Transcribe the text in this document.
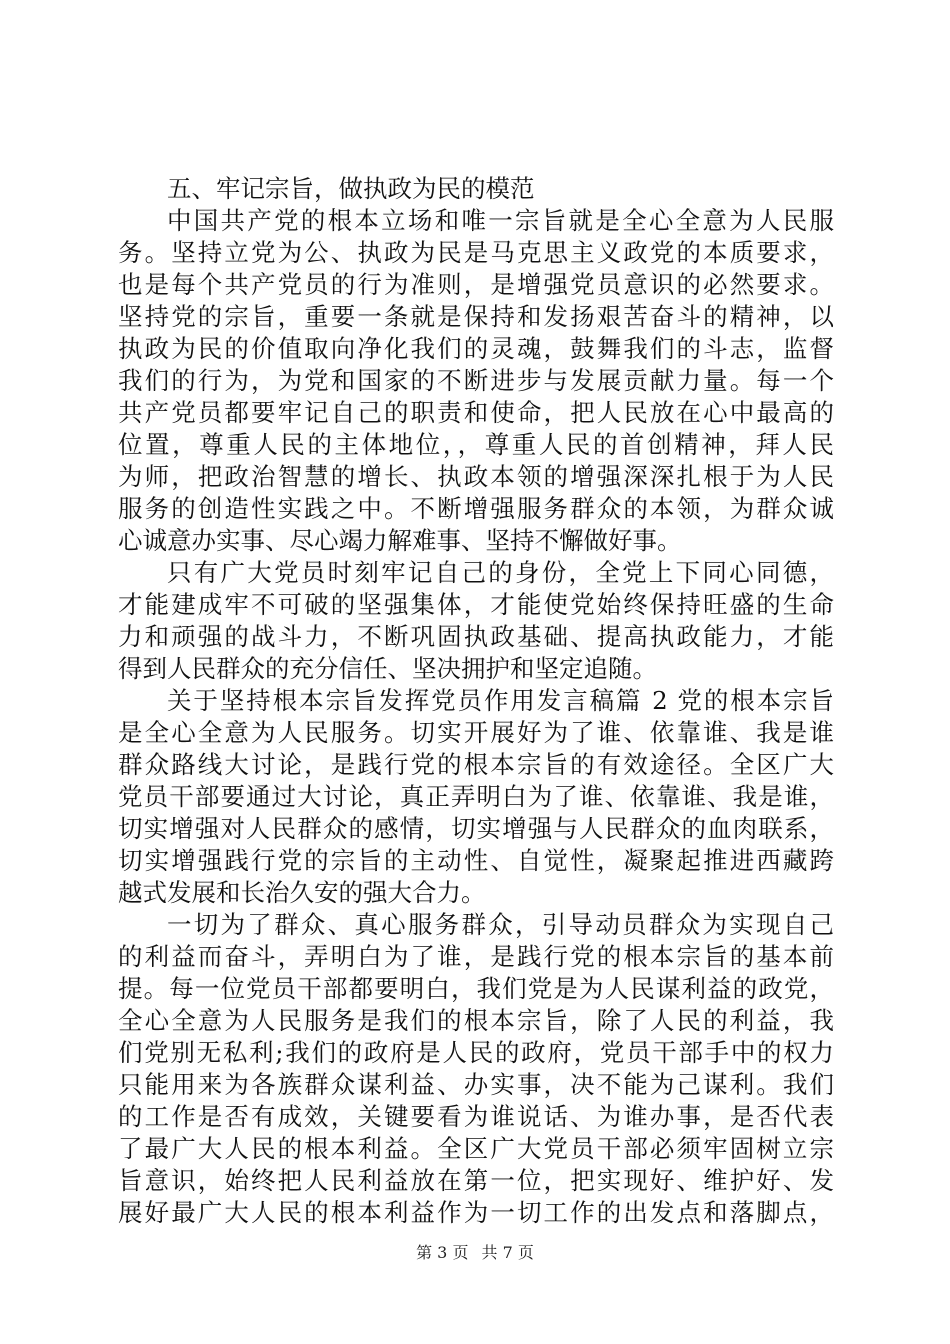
五、牢记宗旨，做执政为民的模范
中国共产党的根本立场和唯一宗旨就是全心全意为人民服
务。坚持立党为公、执政为民是马克思主义政党的本质要求，
也是每个共产党员的行为准则，是增强党员意识的必然要求。
坚持党的宗旨，重要一条就是保持和发扬艰苦奋斗的精神，以
执政为民的价值取向净化我们的灵魂，鼓舞我们的斗志，监督
我们的行为，为党和国家的不断进步与发展贡献力量。每一个
共产党员都要牢记自己的职责和使命，把人民放在心中最高的
位置，尊重人民的主体地位，，尊重人民的首创精神，拜人民
为师，把政治智慧的增长、执政本领的增强深深扎根于为人民
服务的创造性实践之中。不断增强服务群众的本领，为群众诚
心诚意办实事、尽心竭力解难事、坚持不懈做好事。
只有广大党员时刻牢记自己的身份，全党上下同心同德，
才能建成牢不可破的坚强集体，才能使党始终保持旺盛的生命
力和顽强的战斗力，不断巩固执政基础、提高执政能力，才能
得到人民群众的充分信任、坚决拥护和坚定追随。
关于坚持根本宗旨发挥党员作用发言稿篇 2 党的根本宗旨
是全心全意为人民服务。切实开展好为了谁、依靠谁、我是谁
群众路线大讨论，是践行党的根本宗旨的有效途径。全区广大
党员干部要通过大讨论，真正弄明白为了谁、依靠谁、我是谁，
切实增强对人民群众的感情，切实增强与人民群众的血肉联系，
切实增强践行党的宗旨的主动性、自觉性，凝聚起推进西藏跨
越式发展和长治久安的强大合力。
一切为了群众、真心服务群众，引导动员群众为实现自己
的利益而奋斗，弄明白为了谁，是践行党的根本宗旨的基本前
提。每一位党员干部都要明白，我们党是为人民谋利益的政党，
全心全意为人民服务是我们的根本宗旨，除了人民的利益，我
们党别无私利;我们的政府是人民的政府，党员干部手中的权力
只能用来为各族群众谋利益、办实事，决不能为己谋利。我们
的工作是否有成效，关键要看为谁说话、为谁办事，是否代表
了最广大人民的根本利益。全区广大党员干部必须牢固树立宗
旨意识，始终把人民利益放在第一位，把实现好、维护好、发
展好最广大人民的根本利益作为一切工作的出发点和落脚点，
第 3 页 共 7 页
